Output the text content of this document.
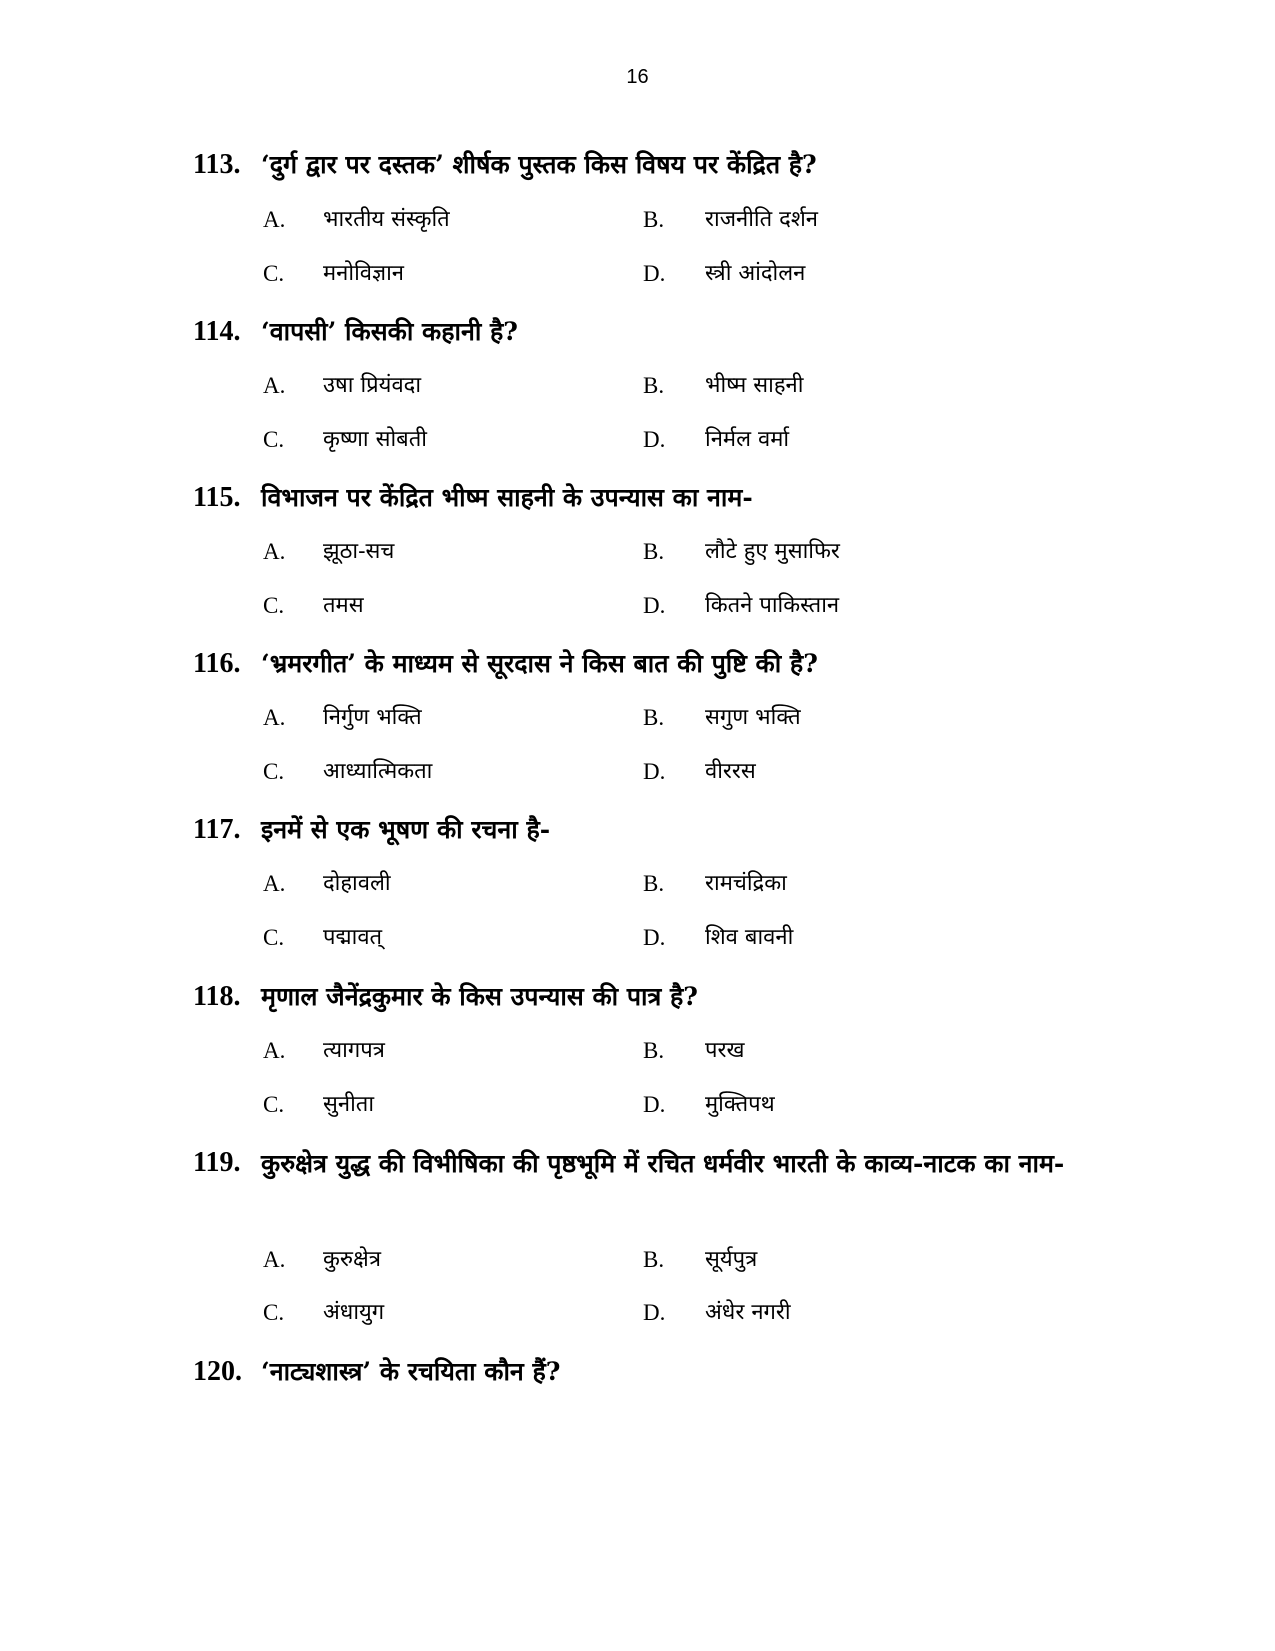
16
113. ‘दुर्ग द्वार पर दस्तक’ शीर्षक पुस्तक किस विषय पर केंद्रित है?
A. भारतीय संस्कृति	B. राजनीति दर्शन
C. मनोविज्ञान	D. स्त्री आंदोलन
114. ‘वापसी’ किसकी कहानी है?
A. उषा प्रियंवदा	B. भीष्म साहनी
C. कृष्णा सोबती	D. निर्मल वर्मा
115. विभाजन पर केंद्रित भीष्म साहनी के उपन्यास का नाम-
A. झूठा-सच	B. लौटे हुए मुसाफिर
C. तमस	D. कितने पाकिस्तान
116. ‘भ्रमरगीत’ के माध्यम से सूरदास ने किस बात की पुष्टि की है?
A. निर्गुण भक्ति	B. सगुण भक्ति
C. आध्यात्मिकता	D. वीररस
117. इनमें से एक भूषण की रचना है-
A. दोहावली	B. रामचंद्रिका
C. पद्मावत्	D. शिव बावनी
118. मृणाल जैनेंद्रकुमार के किस उपन्यास की पात्र है?
A. त्यागपत्र	B. परख
C. सुनीता	D. मुक्तिपथ
119. कुरुक्षेत्र युद्ध की विभीषिका की पृष्ठभूमि में रचित धर्मवीर भारती के काव्य-नाटक का नाम-
A. कुरुक्षेत्र	B. सूर्यपुत्र
C. अंधायुग	D. अंधेर नगरी
120. ‘नाट्यशास्त्र’ के रचयिता कौन हैं?
